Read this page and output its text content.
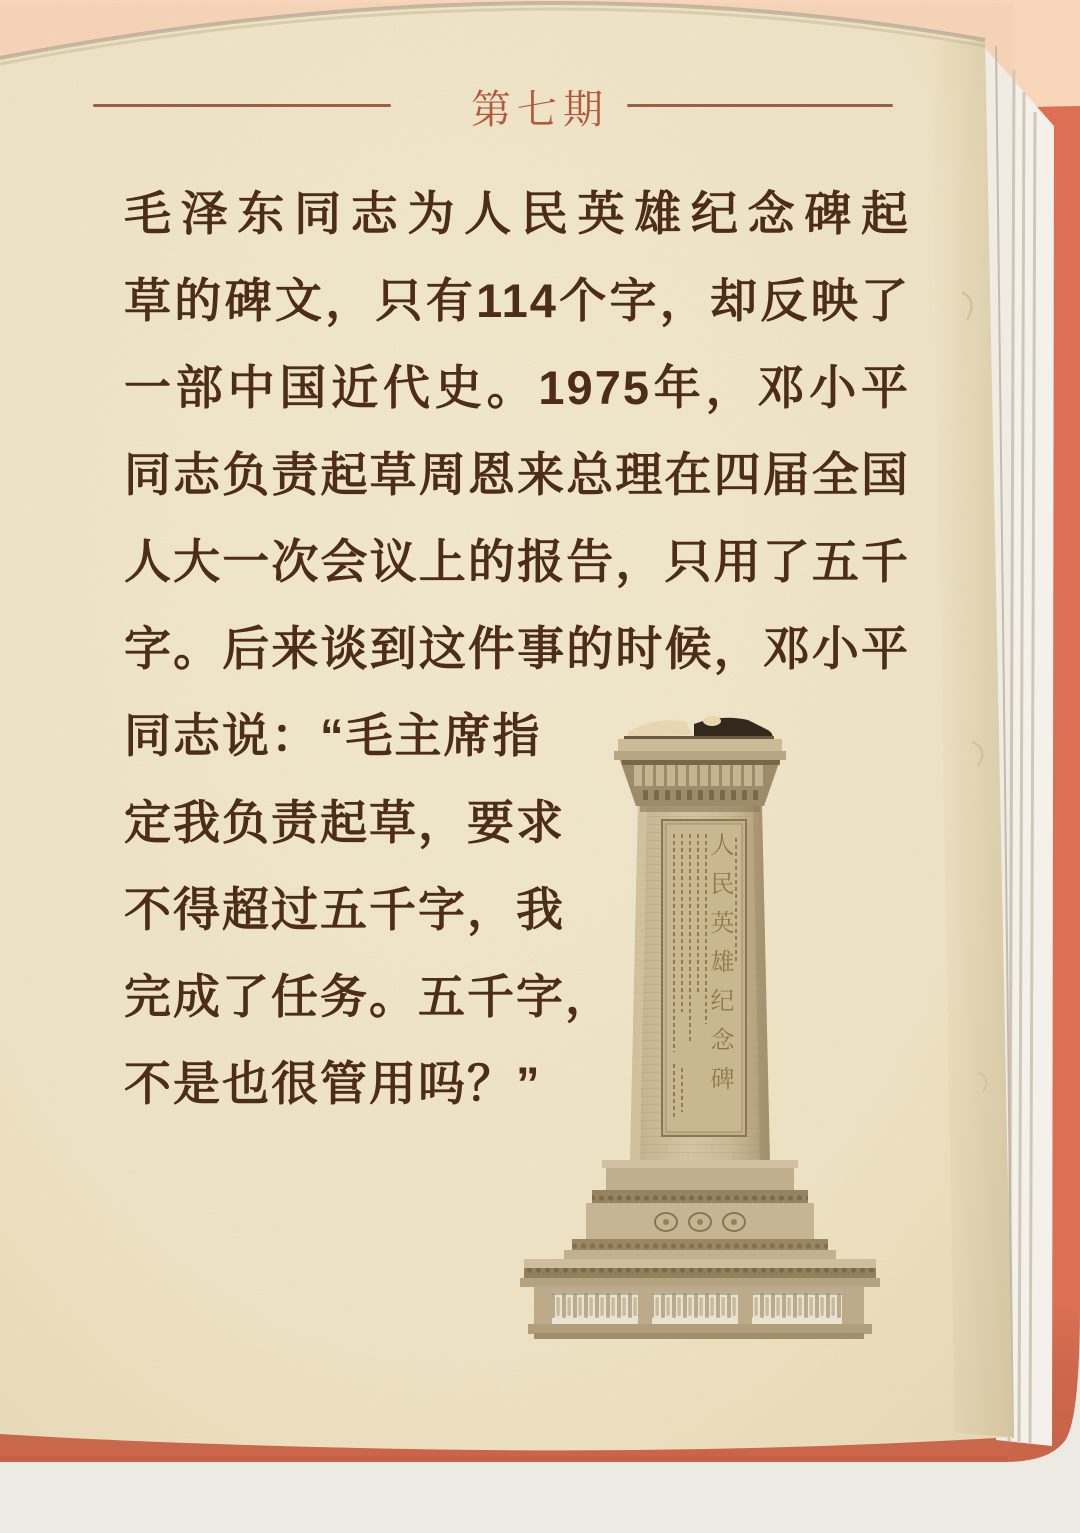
第七期
毛泽东同志为人民英雄纪念碑起
草的碑文，只有114个字，却反映了
一部中国近代史。1975年，邓小平
同志负责起草周恩来总理在四届全国
人大一次会议上的报告，只用了五千
字。后来谈到这件事的时候，邓小平
同志说：“毛主席指
定我负责起草，要求
不得超过五千字，我
完成了任务。五千字，
不是也很管用吗？”	人民英雄纪念碑
